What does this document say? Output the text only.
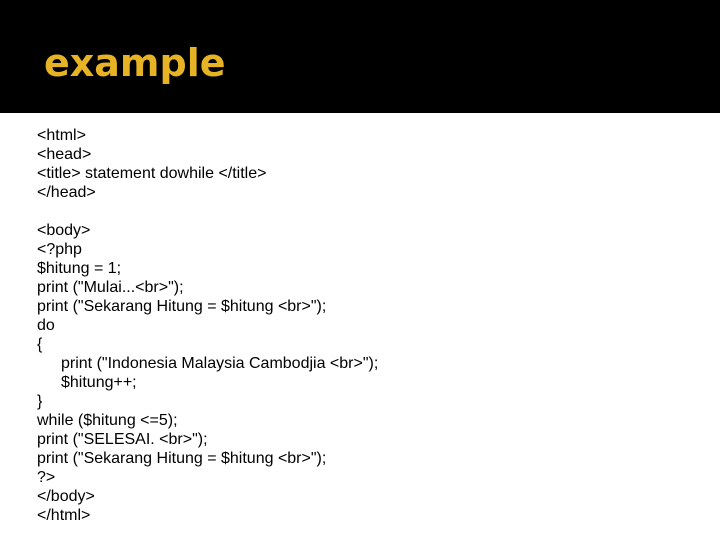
example
<html>
<head>
<title> statement dowhile </title>
</head>
<body>
<?php
$hitung = 1;
print ("Mulai...<br>");
print ("Sekarang Hitung = $hitung <br>");
do
{
print ("Indonesia Malaysia Cambodjia <br>");
$hitung++;
}
while ($hitung <=5);
print ("SELESAI. <br>");
print ("Sekarang Hitung = $hitung <br>");
?>
</body>
</html>
